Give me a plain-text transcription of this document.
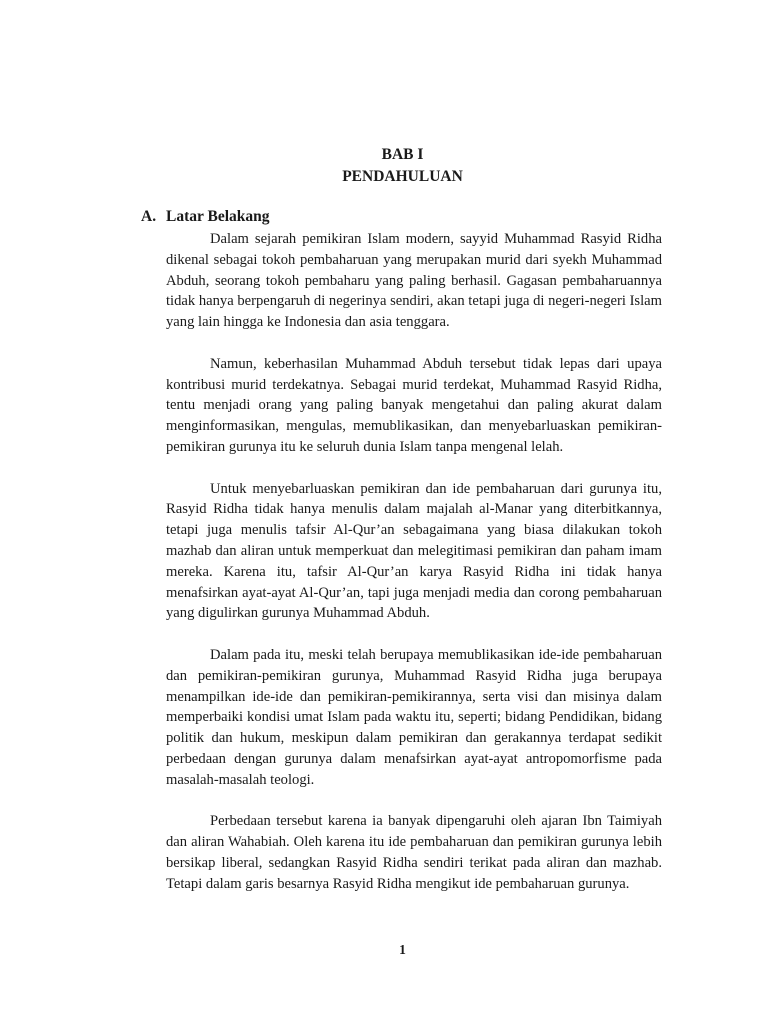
BAB I
PENDAHULUAN
A. Latar Belakang

Dalam sejarah pemikiran Islam modern, sayyid Muhammad Rasyid Ridha dikenal sebagai tokoh pembaharuan yang merupakan murid dari syekh Muhammad Abduh, seorang tokoh pembaharu yang paling berhasil. Gagasan pembaharuannya tidak hanya berpengaruh di negerinya sendiri, akan tetapi juga di negeri-negeri Islam yang lain hingga ke Indonesia dan asia tenggara.

Namun, keberhasilan Muhammad Abduh tersebut tidak lepas dari upaya kontribusi murid terdekatnya. Sebagai murid terdekat, Muhammad Rasyid Ridha, tentu menjadi orang yang paling banyak mengetahui dan paling akurat dalam menginformasikan, mengulas, memublikasikan, dan menyebarluaskan pemikiran-pemikiran gurunya itu ke seluruh dunia Islam tanpa mengenal lelah.

Untuk menyebarluaskan pemikiran dan ide pembaharuan dari gurunya itu, Rasyid Ridha tidak hanya menulis dalam majalah al-Manar yang diterbitkannya, tetapi juga menulis tafsir Al-Qur’an sebagaimana yang biasa dilakukan tokoh mazhab dan aliran untuk memperkuat dan melegitimasi pemikiran dan paham imam mereka. Karena itu, tafsir Al-Qur’an karya Rasyid Ridha ini tidak hanya menafsirkan ayat-ayat Al-Qur’an, tapi juga menjadi media dan corong pembaharuan yang digulirkan gurunya Muhammad Abduh.

Dalam pada itu, meski telah berupaya memublikasikan ide-ide pembaharuan dan pemikiran-pemikiran gurunya, Muhammad Rasyid Ridha juga berupaya menampilkan ide-ide dan pemikiran-pemikirannya, serta visi dan misinya dalam memperbaiki kondisi umat Islam pada waktu itu, seperti; bidang Pendidikan, bidang politik dan hukum, meskipun dalam pemikiran dan gerakannya terdapat sedikit perbedaan dengan gurunya dalam menafsirkan ayat-ayat antropomorfisme pada masalah-masalah teologi.

Perbedaan tersebut karena ia banyak dipengaruhi oleh ajaran Ibn Taimiyah dan aliran Wahabiah. Oleh karena itu ide pembaharuan dan pemikiran gurunya lebih bersikap liberal, sedangkan Rasyid Ridha sendiri terikat pada aliran dan mazhab. Tetapi dalam garis besarnya Rasyid Ridha mengikut ide pembaharuan gurunya.

1
